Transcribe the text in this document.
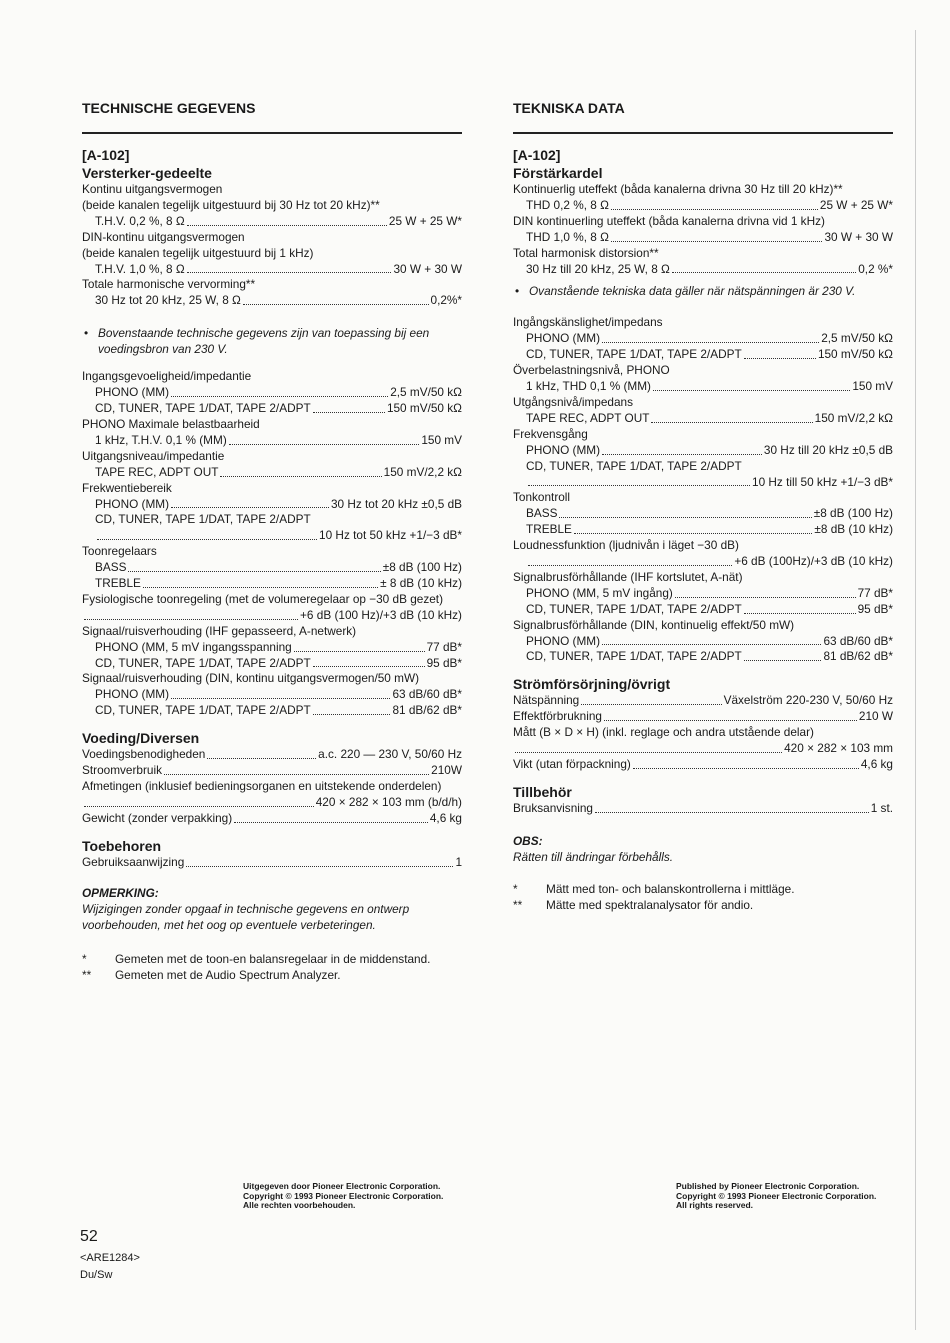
TECHNISCHE GEGEVENS
[A-102]
Versterker-gedeelte
Kontinu uitgangsvermogen
(beide kanalen tegelijk uitgestuurd bij 30 Hz tot 20 kHz)**
T.H.V. 0,2 %, 8 Ω	25 W + 25 W*
DIN-kontinu uitgangsvermogen
(beide kanalen tegelijk uitgestuurd bij 1 kHz)
T.H.V. 1,0 %, 8 Ω	30 W + 30 W
Totale harmonische vervorming**
30 Hz tot 20 kHz, 25 W, 8 Ω	0,2%*
• Bovenstaande technische gegevens zijn van toepassing bij een voedingsbron van 230 V.
Ingangsgevoeligheid/impedantie
PHONO (MM)	2,5 mV/50 kΩ
CD, TUNER, TAPE 1/DAT, TAPE 2/ADPT	150 mV/50 kΩ
PHONO Maximale belastbaarheid
1 kHz, T.H.V. 0,1 % (MM)	150 mV
Uitgangsniveau/impedantie
TAPE REC, ADPT OUT	150 mV/2,2 kΩ
Frekwentiebereik
PHONO (MM)	30 Hz tot 20 kHz ±0,5 dB
CD, TUNER, TAPE 1/DAT, TAPE 2/ADPT
10 Hz tot 50 kHz +1/−3 dB*
Toonregelaars
BASS	±8 dB (100 Hz)
TREBLE	± 8 dB (10 kHz)
Fysiologische toonregeling (met de volumeregelaar op −30 dB gezet)
+6 dB (100 Hz)/+3 dB (10 kHz)
Signaal/ruisverhouding (IHF gepasseerd, A-netwerk)
PHONO (MM, 5 mV ingangsspanning	77 dB*
CD, TUNER, TAPE 1/DAT, TAPE 2/ADPT	95 dB*
Signaal/ruisverhouding (DIN, kontinu uitgangsvermogen/50 mW)
PHONO (MM)	63 dB/60 dB*
CD, TUNER, TAPE 1/DAT, TAPE 2/ADPT	81 dB/62 dB*
Voeding/Diversen
Voedingsbenodigheden	a.c. 220 — 230 V, 50/60 Hz
Stroomverbruik	210W
Afmetingen (inklusief bedieningsorganen en uitstekende onderdelen)
420 × 282 × 103 mm (b/d/h)
Gewicht (zonder verpakking)	4,6 kg
Toebehoren
Gebruiksaanwijzing	1
OPMERKING:
Wijzigingen zonder opgaaf in technische gegevens en ontwerp voorbehouden, met het oog op eventuele verbeteringen.
*	Gemeten met de toon-en balansregelaar in de middenstand.
**	Gemeten met de Audio Spectrum Analyzer.
TEKNISKA DATA
[A-102]
Förstärkardel
Kontinuerlig uteffekt (båda kanalerna drivna 30 Hz till 20 kHz)**
THD 0,2 %, 8 Ω	25 W + 25 W*
DIN kontinuerling uteffekt (båda kanalerna drivna vid 1 kHz)
THD 1,0 %, 8 Ω	30 W + 30 W
Total harmonisk distorsion**
30 Hz till 20 kHz, 25 W, 8 Ω	0,2 %*
• Ovanstående tekniska data gäller när nätspänningen är 230 V.
Ingångskänslighet/impedans
PHONO (MM)	2,5 mV/50 kΩ
CD, TUNER, TAPE 1/DAT, TAPE 2/ADPT	150 mV/50 kΩ
Överbelastningsnivå, PHONO
1 kHz, THD 0,1 % (MM)	150 mV
Utgångsnivå/impedans
TAPE REC, ADPT OUT	150 mV/2,2 kΩ
Frekvensgång
PHONO (MM)	30 Hz till 20 kHz ±0,5 dB
CD, TUNER, TAPE 1/DAT, TAPE 2/ADPT
10 Hz till 50 kHz +1/−3 dB*
Tonkontroll
BASS	±8 dB (100 Hz)
TREBLE	±8 dB (10 kHz)
Loudnessfunktion (ljudnivån i läget −30 dB)
+6 dB (100Hz)/+3 dB (10 kHz)
Signalbrusförhållande (IHF kortslutet, A-nät)
PHONO (MM, 5 mV ingång)	77 dB*
CD, TUNER, TAPE 1/DAT, TAPE 2/ADPT	95 dB*
Signalbrusförhållande (DIN, kontinuelig effekt/50 mW)
PHONO (MM)	63 dB/60 dB*
CD, TUNER, TAPE 1/DAT, TAPE 2/ADPT	81 dB/62 dB*
Strömförsörjning/övrigt
Nätspänning	Växelström 220-230 V, 50/60 Hz
Effektförbrukning	210 W
Mått (B × D × H) (inkl. reglage och andra utstående delar)
420 × 282 × 103 mm
Vikt (utan förpackning)	4,6 kg
Tillbehör
Bruksanvisning	1 st.
OBS:
Rätten till ändringar förbehålls.
*	Mätt med ton- och balanskontrollerna i mittläge.
**	Mätte med spektralanalysator för andio.
Uitgegeven door Pioneer Electronic Corporation.
Copyright © 1993 Pioneer Electronic Corporation.
Alle rechten voorbehouden.
Published by Pioneer Electronic Corporation.
Copyright © 1993 Pioneer Electronic Corporation.
All rights reserved.
52
<ARE1284>
Du/Sw
